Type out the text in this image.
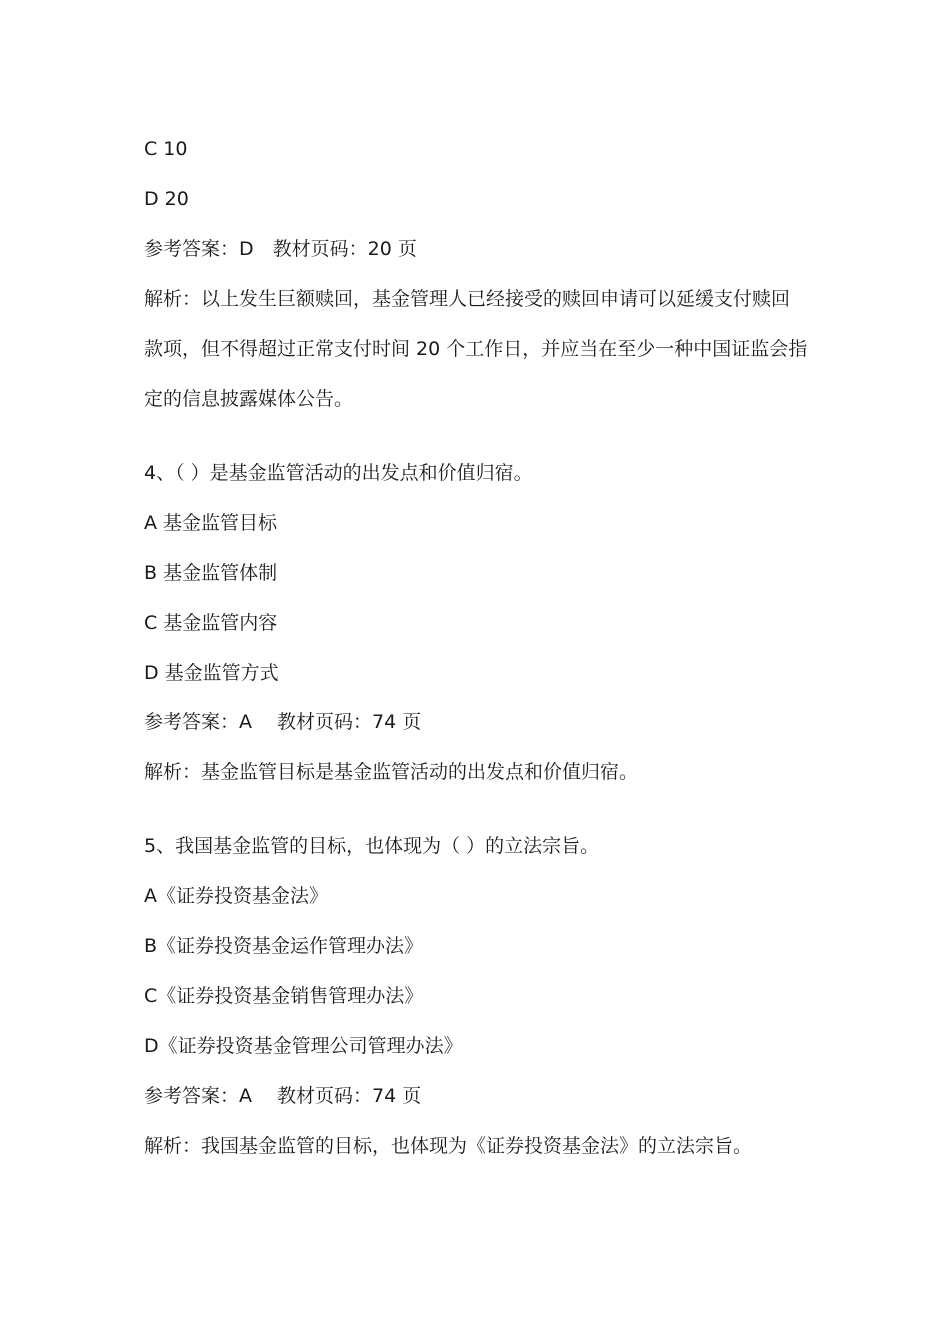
C 10
D 20
参考答案：D　教材页码：20 页
解析：以上发生巨额赎回，基金管理人已经接受的赎回申请可以延缓支付赎回
款项，但不得超过正常支付时间 20 个工作日，并应当在至少一种中国证监会指
定的信息披露媒体公告。
4、（ ）是基金监管活动的出发点和价值归宿。
A 基金监管目标
B 基金监管体制
C 基金监管内容
D 基金监管方式
参考答案：A　 教材页码：74 页
解析：基金监管目标是基金监管活动的出发点和价值归宿。
5、我国基金监管的目标，也体现为（ ）的立法宗旨。
A《证券投资基金法》
B《证券投资基金运作管理办法》
C《证券投资基金销售管理办法》
D《证券投资基金管理公司管理办法》
参考答案：A　 教材页码：74 页
解析：我国基金监管的目标，也体现为《证券投资基金法》的立法宗旨。
